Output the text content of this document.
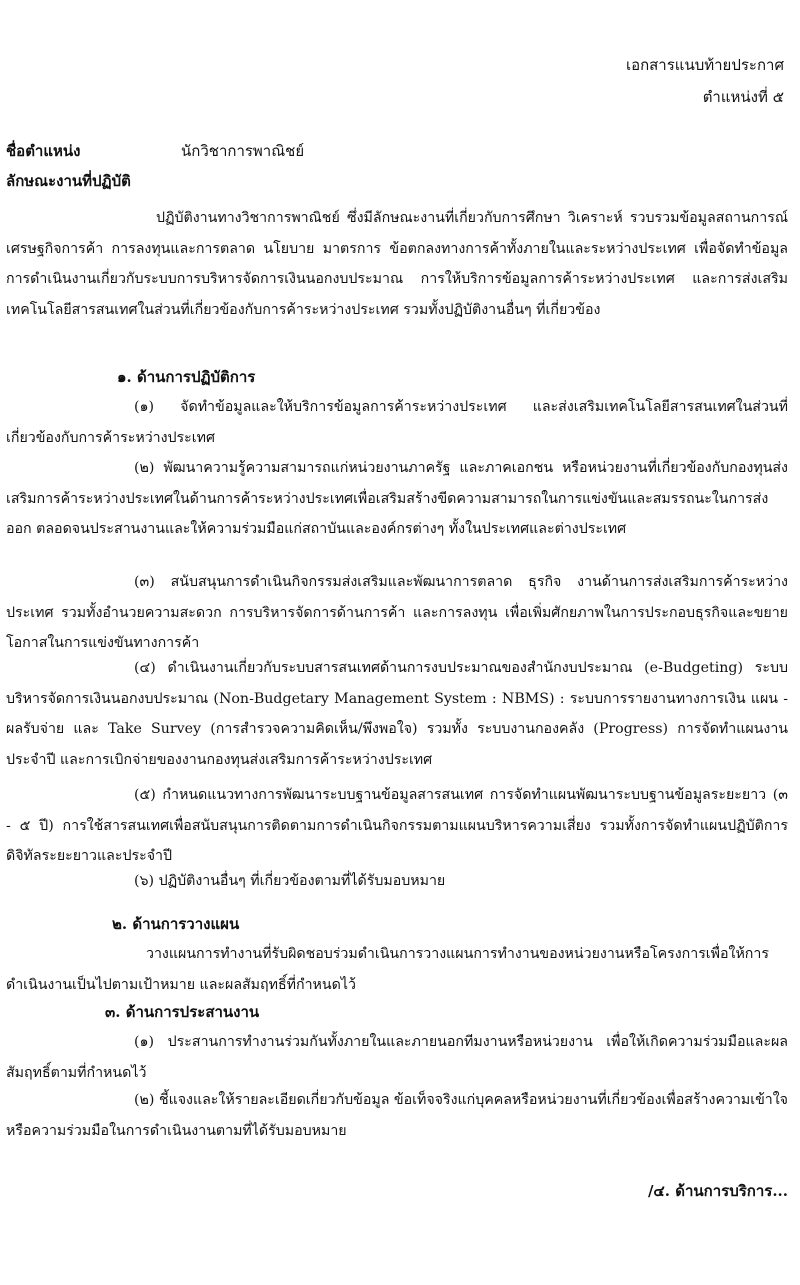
เอกสารแนบท้ายประกาศ
ตำแหน่งที่ ๕
ชื่อตำแหน่ง	นักวิชาการพาณิชย์
ลักษณะงานที่ปฏิบัติ

ปฏิบัติงานทางวิชาการพาณิชย์ ซึ่งมีลักษณะงานที่เกี่ยวกับการศึกษา วิเคราะห์ รวบรวมข้อมูลสถานการณ์เศรษฐกิจการค้า การลงทุนและการตลาด นโยบาย มาตรการ ข้อตกลงทางการค้าทั้งภายในและระหว่างประเทศ เพื่อจัดทำข้อมูลการดำเนินงานเกี่ยวกับระบบการบริหารจัดการเงินนอกงบประมาณ การให้บริการข้อมูลการค้าระหว่างประเทศ และการส่งเสริมเทคโนโลยีสารสนเทศในส่วนที่เกี่ยวข้องกับการค้าระหว่างประเทศ รวมทั้งปฏิบัติงานอื่นๆ ที่เกี่ยวข้อง

๑. ด้านการปฏิบัติการ

(๑) จัดทำข้อมูลและให้บริการข้อมูลการค้าระหว่างประเทศ และส่งเสริมเทคโนโลยีสารสนเทศในส่วนที่เกี่ยวข้องกับการค้าระหว่างประเทศ

(๒) พัฒนาความรู้ความสามารถแก่หน่วยงานภาครัฐ และภาคเอกชน หรือหน่วยงานที่เกี่ยวข้องกับกองทุนส่งเสริมการค้าระหว่างประเทศในด้านการค้าระหว่างประเทศเพื่อเสริมสร้างขีดความสามารถในการแข่งขันและสมรรถนะในการส่งออก ตลอดจนประสานงานและให้ความร่วมมือแก่สถาบันและองค์กรต่างๆ ทั้งในประเทศและต่างประเทศ

(๓) สนับสนุนการดำเนินกิจกรรมส่งเสริมและพัฒนาการตลาด ธุรกิจ งานด้านการส่งเสริมการค้าระหว่างประเทศ รวมทั้งอำนวยความสะดวก การบริหารจัดการด้านการค้า และการลงทุน เพื่อเพิ่มศักยภาพในการประกอบธุรกิจและขยายโอกาสในการแข่งขันทางการค้า

(๔) ดำเนินงานเกี่ยวกับระบบสารสนเทศด้านการงบประมาณของสำนักงบประมาณ (e-Budgeting) ระบบบริหารจัดการเงินนอกงบประมาณ (Non-Budgetary Management System : NBMS) : ระบบการรายงานทางการเงิน แผน - ผลรับจ่าย และ Take Survey (การสำรวจความคิดเห็น/พึงพอใจ) รวมทั้ง ระบบงานกองคลัง (Progress) การจัดทำแผนงานประจำปี และการเบิกจ่ายของงานกองทุนส่งเสริมการค้าระหว่างประเทศ

(๕) กำหนดแนวทางการพัฒนาระบบฐานข้อมูลสารสนเทศ การจัดทำแผนพัฒนาระบบฐานข้อมูลระยะยาว (๓ - ๕ ปี) การใช้สารสนเทศเพื่อสนับสนุนการติดตามการดำเนินกิจกรรมตามแผนบริหารความเสี่ยง รวมทั้งการจัดทำแผนปฏิบัติการดิจิทัลระยะยาวและประจำปี

(๖) ปฏิบัติงานอื่นๆ ที่เกี่ยวข้องตามที่ได้รับมอบหมาย

๒. ด้านการวางแผน

วางแผนการทำงานที่รับผิดชอบร่วมดำเนินการวางแผนการทำงานของหน่วยงานหรือโครงการเพื่อให้การดำเนินงานเป็นไปตามเป้าหมาย และผลสัมฤทธิ์ที่กำหนดไว้

๓. ด้านการประสานงาน

(๑) ประสานการทำงานร่วมกันทั้งภายในและภายนอกทีมงานหรือหน่วยงาน เพื่อให้เกิดความร่วมมือและผลสัมฤทธิ์ตามที่กำหนดไว้

(๒) ชี้แจงและให้รายละเอียดเกี่ยวกับข้อมูล ข้อเท็จจริงแก่บุคคลหรือหน่วยงานที่เกี่ยวข้องเพื่อสร้างความเข้าใจหรือความร่วมมือในการดำเนินงานตามที่ได้รับมอบหมาย

/๔. ด้านการบริการ...
